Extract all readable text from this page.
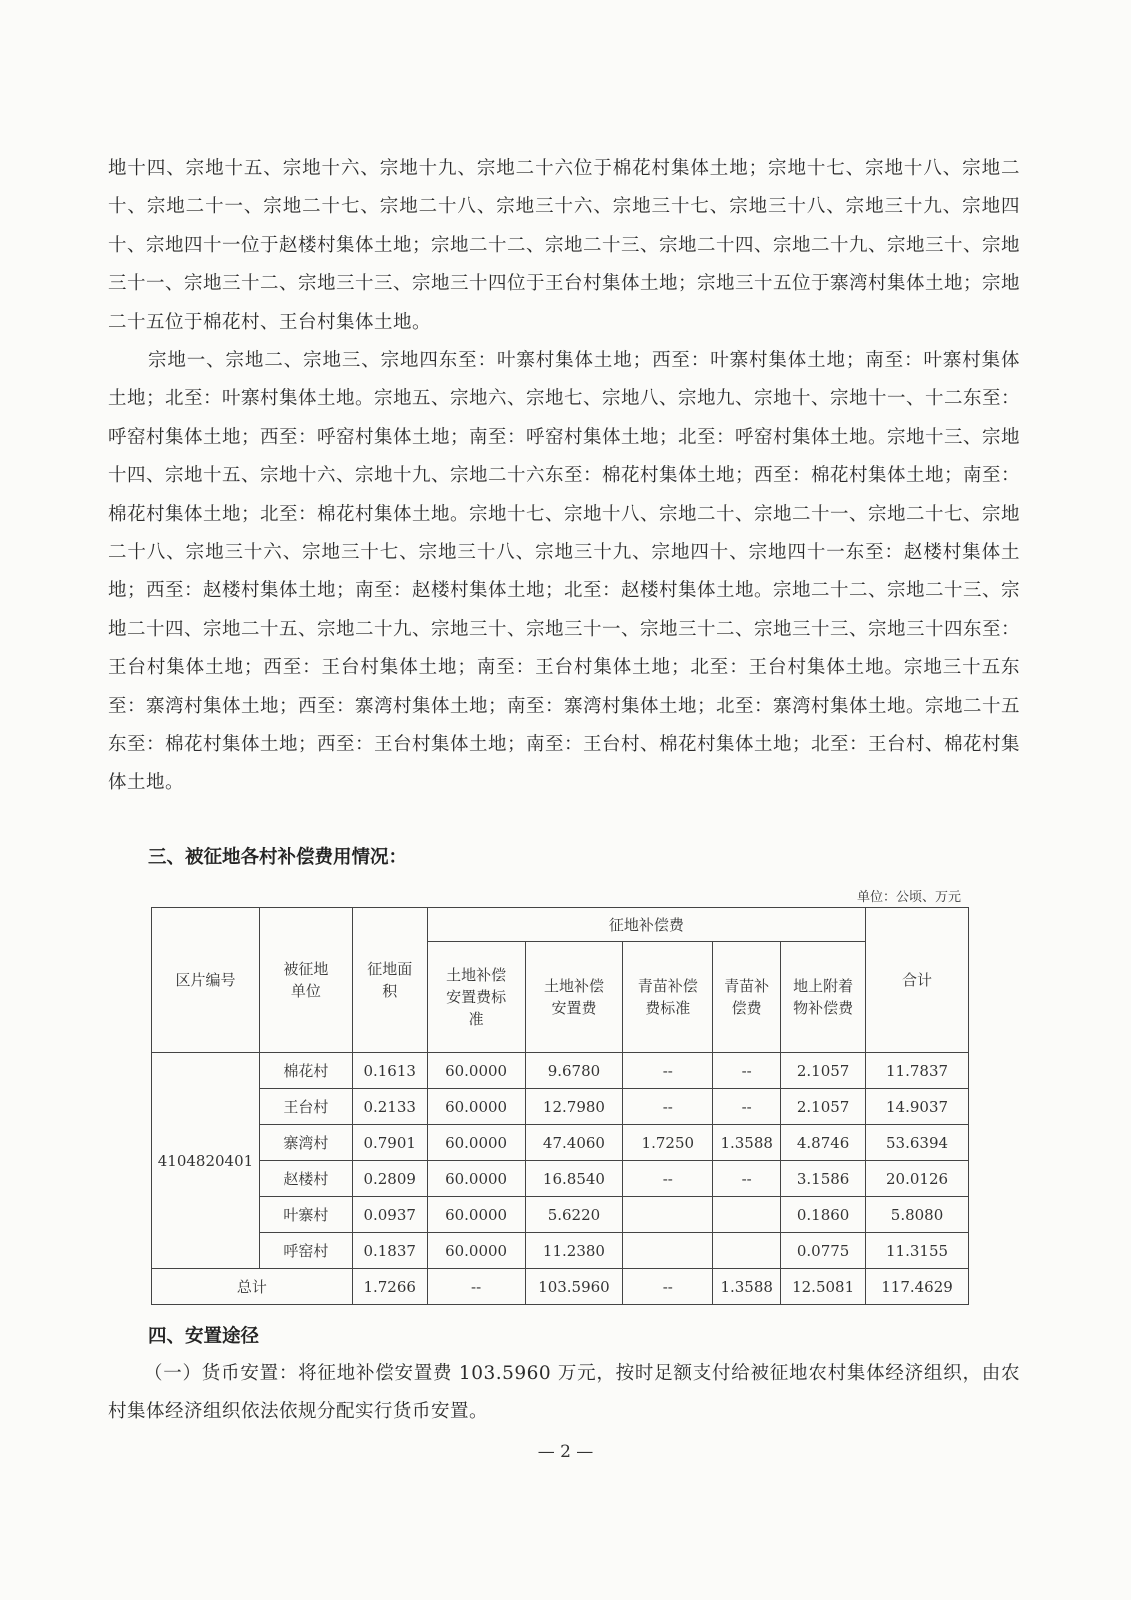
地十四、宗地十五、宗地十六、宗地十九、宗地二十六位于棉花村集体土地；宗地十七、宗地十八、宗地二十、宗地二十一、宗地二十七、宗地二十八、宗地三十六、宗地三十七、宗地三十八、宗地三十九、宗地四十、宗地四十一位于赵楼村集体土地；宗地二十二、宗地二十三、宗地二十四、宗地二十九、宗地三十、宗地三十一、宗地三十二、宗地三十三、宗地三十四位于王台村集体土地；宗地三十五位于寨湾村集体土地；宗地二十五位于棉花村、王台村集体土地。

宗地一、宗地二、宗地三、宗地四东至：叶寨村集体土地；西至：叶寨村集体土地；南至：叶寨村集体土地；北至：叶寨村集体土地。宗地五、宗地六、宗地七、宗地八、宗地九、宗地十、宗地十一、十二东至：呼窑村集体土地；西至：呼窑村集体土地；南至：呼窑村集体土地；北至：呼窑村集体土地。宗地十三、宗地十四、宗地十五、宗地十六、宗地十九、宗地二十六东至：棉花村集体土地；西至：棉花村集体土地；南至：棉花村集体土地；北至：棉花村集体土地。宗地十七、宗地十八、宗地二十、宗地二十一、宗地二十七、宗地二十八、宗地三十六、宗地三十七、宗地三十八、宗地三十九、宗地四十、宗地四十一东至：赵楼村集体土地；西至：赵楼村集体土地；南至：赵楼村集体土地；北至：赵楼村集体土地。宗地二十二、宗地二十三、宗地二十四、宗地二十五、宗地二十九、宗地三十、宗地三十一、宗地三十二、宗地三十三、宗地三十四东至：王台村集体土地；西至：王台村集体土地；南至：王台村集体土地；北至：王台村集体土地。宗地三十五东至：寨湾村集体土地；西至：寨湾村集体土地；南至：寨湾村集体土地；北至：寨湾村集体土地。宗地二十五东至：棉花村集体土地；西至：王台村集体土地；南至：王台村、棉花村集体土地；北至：王台村、棉花村集体土地。

三、被征地各村补偿费用情况：

单位：公顷、万元
区片编号	被征地单位	征地面积	征地补偿费					合计
			土地补偿安置费标准	土地补偿安置费	青苗补偿费标准	青苗补偿费	地上附着物补偿费	
4104820401	棉花村	0.1613	60.0000	9.6780	--	--	2.1057	11.7837
	王台村	0.2133	60.0000	12.7980	--	--	2.1057	14.9037
	寨湾村	0.7901	60.0000	47.4060	1.7250	1.3588	4.8746	53.6394
	赵楼村	0.2809	60.0000	16.8540	--	--	3.1586	20.0126
	叶寨村	0.0937	60.0000	5.6220			0.1860	5.8080
	呼窑村	0.1837	60.0000	11.2380			0.0775	11.3155
总计		1.7266	--	103.5960	--	1.3588	12.5081	117.4629

四、安置途径

（一）货币安置：将征地补偿安置费 103.5960 万元，按时足额支付给被征地农村集体经济组织，由农村集体经济组织依法依规分配实行货币安置。

— 2 —
